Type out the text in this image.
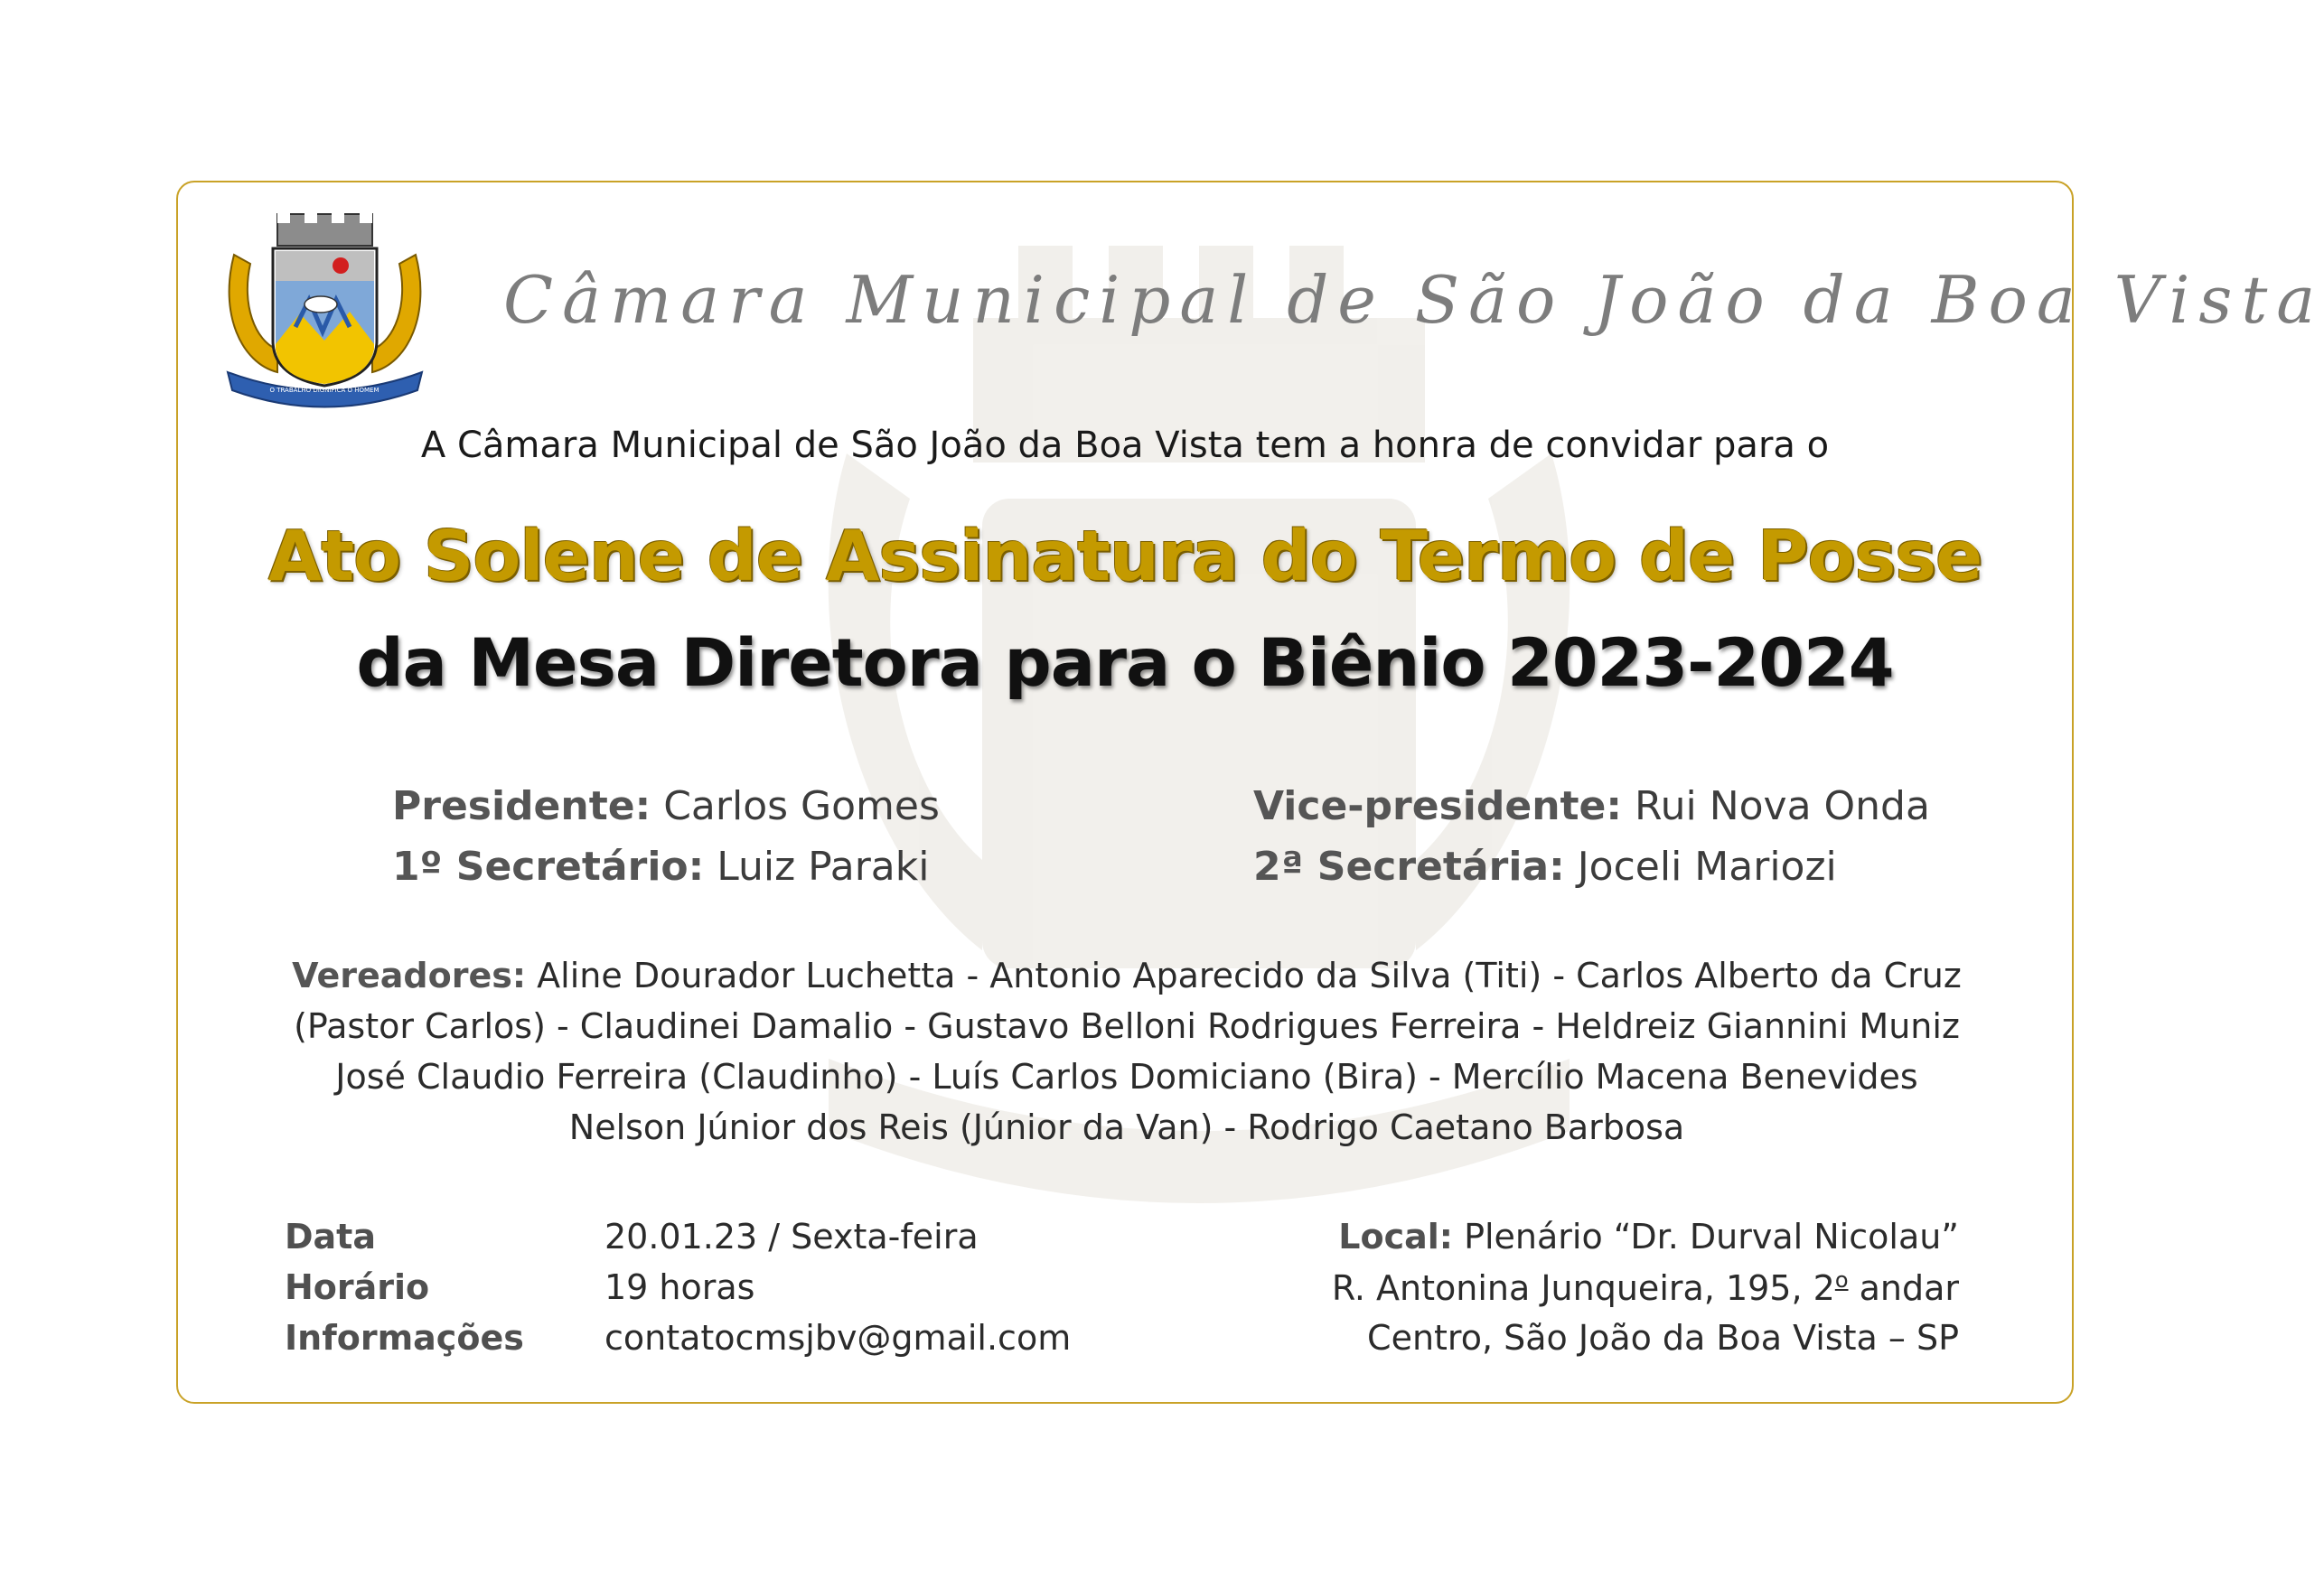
O TRABALHO DIGNIFICA O HOMEM
Câmara Municipal de São João da Boa Vista
A Câmara Municipal de São João da Boa Vista tem a honra de convidar para o
Ato Solene de Assinatura do Termo de Posse
da Mesa Diretora para o Biênio 2023-2024
Presidente: Carlos Gomes	Vice-presidente: Rui Nova Onda
1º Secretário: Luiz Paraki	2ª Secretária: Joceli Mariozi
Vereadores: Aline Dourador Luchetta - Antonio Aparecido da Silva (Titi) - Carlos Alberto da Cruz
(Pastor Carlos) - Claudinei Damalio - Gustavo Belloni Rodrigues Ferreira - Heldreiz Giannini Muniz
José Claudio Ferreira (Claudinho) - Luís Carlos Domiciano (Bira) - Mercílio Macena Benevides
Nelson Júnior dos Reis (Júnior da Van) - Rodrigo Caetano Barbosa
Data	20.01.23 / Sexta-feira
Horário	19 horas
Informações contatocmsjbv@gmail.com
Local: Plenário “Dr. Durval Nicolau”
R. Antonina Junqueira, 195, 2$^o$ andar
Centro, São João da Boa Vista – SP
